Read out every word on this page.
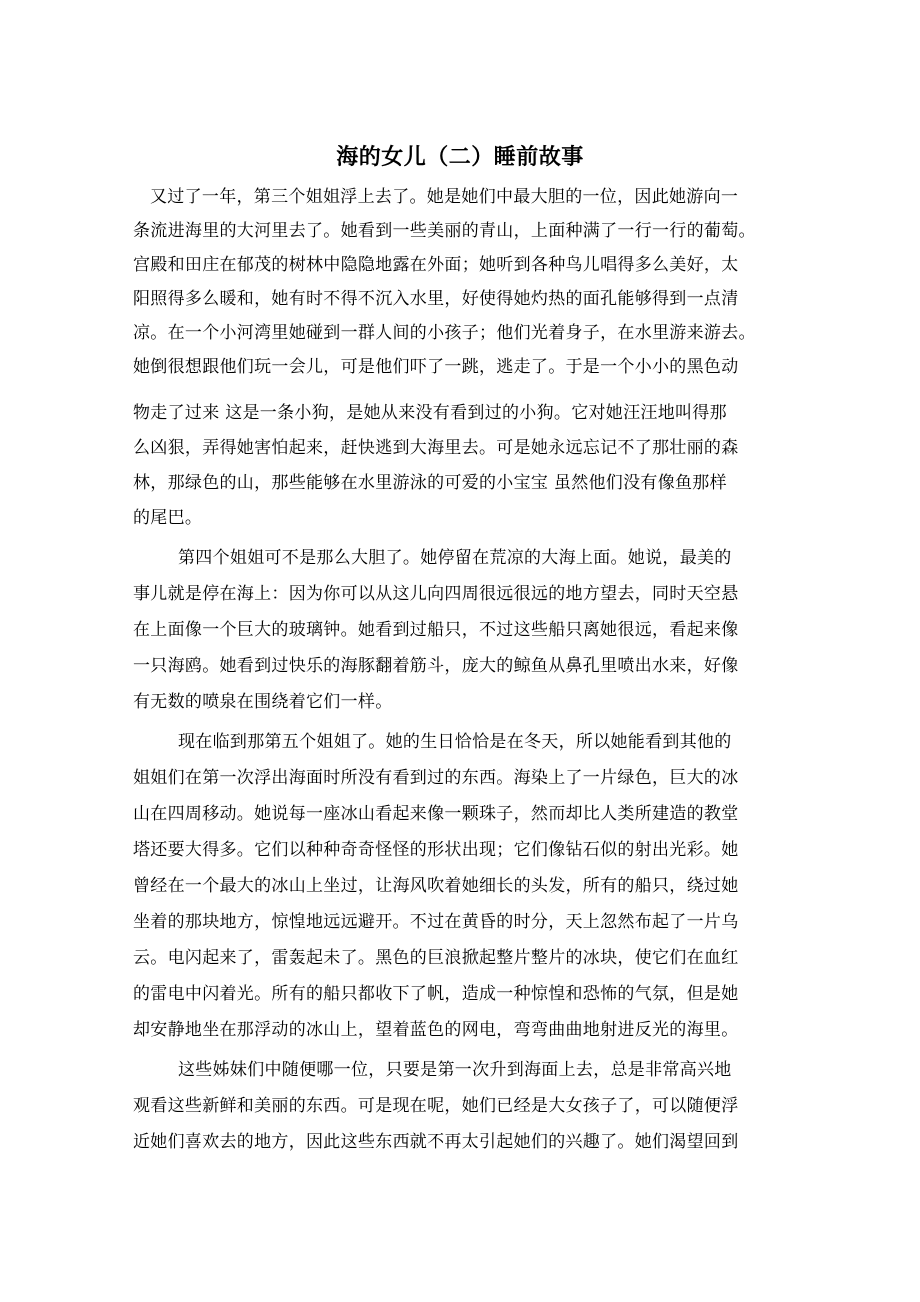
海的女儿（二）睡前故事
又过了一年，第三个姐姐浮上去了。她是她们中最大胆的一位，因此她游向一
条流进海里的大河里去了。她看到一些美丽的青山，上面种满了一行一行的葡萄。
宫殿和田庄在郁茂的树林中隐隐地露在外面；她听到各种鸟儿唱得多么美好，太
阳照得多么暖和，她有时不得不沉入水里，好使得她灼热的面孔能够得到一点清
凉。在一个小河湾里她碰到一群人间的小孩子；他们光着身子，在水里游来游去。
她倒很想跟他们玩一会儿，可是他们吓了一跳，逃走了。于是一个小小的黑色动
物走了过来 这是一条小狗，是她从来没有看到过的小狗。它对她汪汪地叫得那
么凶狠，弄得她害怕起来，赶快逃到大海里去。可是她永远忘记不了那壮丽的森
林，那绿色的山，那些能够在水里游泳的可爱的小宝宝 虽然他们没有像鱼那样
的尾巴。
第四个姐姐可不是那么大胆了。她停留在荒凉的大海上面。她说，最美的
事儿就是停在海上：因为你可以从这儿向四周很远很远的地方望去，同时天空悬
在上面像一个巨大的玻璃钟。她看到过船只，不过这些船只离她很远，看起来像
一只海鸥。她看到过快乐的海豚翻着筋斗，庞大的鲸鱼从鼻孔里喷出水来，好像
有无数的喷泉在围绕着它们一样。
现在临到那第五个姐姐了。她的生日恰恰是在冬天，所以她能看到其他的
姐姐们在第一次浮出海面时所没有看到过的东西。海染上了一片绿色，巨大的冰
山在四周移动。她说每一座冰山看起来像一颗珠子，然而却比人类所建造的教堂
塔还要大得多。它们以种种奇奇怪怪的形状出现；它们像钻石似的射出光彩。她
曾经在一个最大的冰山上坐过，让海风吹着她细长的头发，所有的船只，绕过她
坐着的那块地方，惊惶地远远避开。不过在黄昏的时分，天上忽然布起了一片乌
云。电闪起来了，雷轰起未了。黑色的巨浪掀起整片整片的冰块，使它们在血红
的雷电中闪着光。所有的船只都收下了帆，造成一种惊惶和恐怖的气氛，但是她
却安静地坐在那浮动的冰山上，望着蓝色的网电，弯弯曲曲地射进反光的海里。
这些姊妹们中随便哪一位，只要是第一次升到海面上去，总是非常高兴地
观看这些新鲜和美丽的东西。可是现在呢，她们已经是大女孩子了，可以随便浮
近她们喜欢去的地方，因此这些东西就不再太引起她们的兴趣了。她们渴望回到
